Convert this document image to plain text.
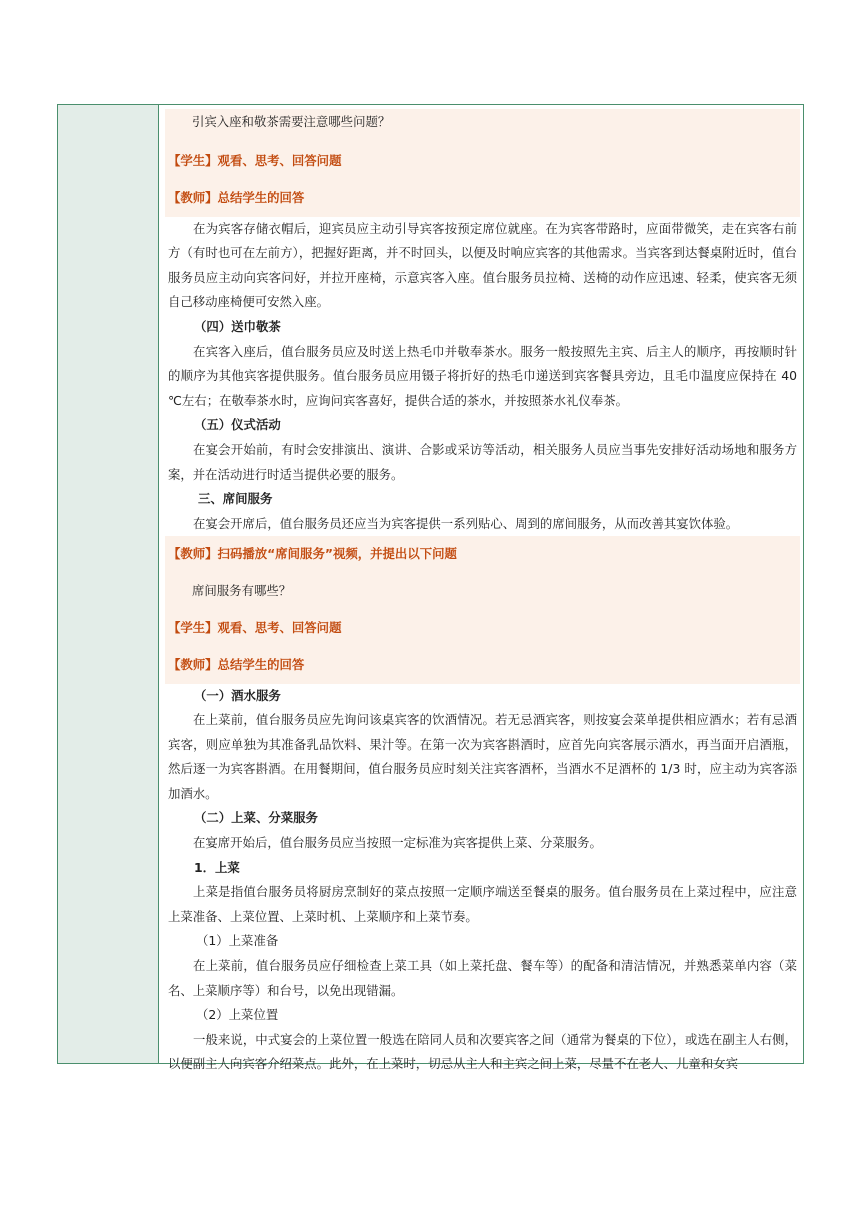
引宾入座和敬茶需要注意哪些问题？
【学生】观看、思考、回答问题
【教师】总结学生的回答
在为宾客存储衣帽后，迎宾员应主动引导宾客按预定席位就座。在为宾客带路时，应面带微笑，走在宾客右前方（有时也可在左前方），把握好距离，并不时回头，以便及时响应宾客的其他需求。当宾客到达餐桌附近时，值台服务员应主动向宾客问好，并拉开座椅，示意宾客入座。值台服务员拉椅、送椅的动作应迅速、轻柔，使宾客无须自己移动座椅便可安然入座。
（四）送巾敬茶
在宾客入座后，值台服务员应及时送上热毛巾并敬奉茶水。服务一般按照先主宾、后主人的顺序，再按顺时针的顺序为其他宾客提供服务。值台服务员应用镊子将折好的热毛巾递送到宾客餐具旁边，且毛巾温度应保持在 40 ℃左右；在敬奉茶水时，应询问宾客喜好，提供合适的茶水，并按照茶水礼仪奉茶。
（五）仪式活动
在宴会开始前，有时会安排演出、演讲、合影或采访等活动，相关服务人员应当事先安排好活动场地和服务方案，并在活动进行时适当提供必要的服务。
三、席间服务
在宴会开席后，值台服务员还应当为宾客提供一系列贴心、周到的席间服务，从而改善其宴饮体验。
【教师】扫码播放“席间服务”视频，并提出以下问题
席间服务有哪些？
【学生】观看、思考、回答问题
【教师】总结学生的回答
（一）酒水服务
在上菜前，值台服务员应先询问该桌宾客的饮酒情况。若无忌酒宾客，则按宴会菜单提供相应酒水；若有忌酒宾客，则应单独为其准备乳品饮料、果汁等。在第一次为宾客斟酒时，应首先向宾客展示酒水，再当面开启酒瓶，然后逐一为宾客斟酒。在用餐期间，值台服务员应时刻关注宾客酒杯，当酒水不足酒杯的 1/3 时，应主动为宾客添加酒水。
（二）上菜、分菜服务
在宴席开始后，值台服务员应当按照一定标准为宾客提供上菜、分菜服务。
1．上菜
上菜是指值台服务员将厨房烹制好的菜点按照一定顺序端送至餐桌的服务。值台服务员在上菜过程中，应注意上菜准备、上菜位置、上菜时机、上菜顺序和上菜节奏。
（1）上菜准备
在上菜前，值台服务员应仔细检查上菜工具（如上菜托盘、餐车等）的配备和清洁情况，并熟悉菜单内容（菜名、上菜顺序等）和台号，以免出现错漏。
（2）上菜位置
一般来说，中式宴会的上菜位置一般选在陪同人员和次要宾客之间（通常为餐桌的下位），或选在副主人右侧，以便副主人向宾客介绍菜点。此外，在上菜时，切忌从主人和主宾之间上菜，尽量不在老人、儿童和女宾
